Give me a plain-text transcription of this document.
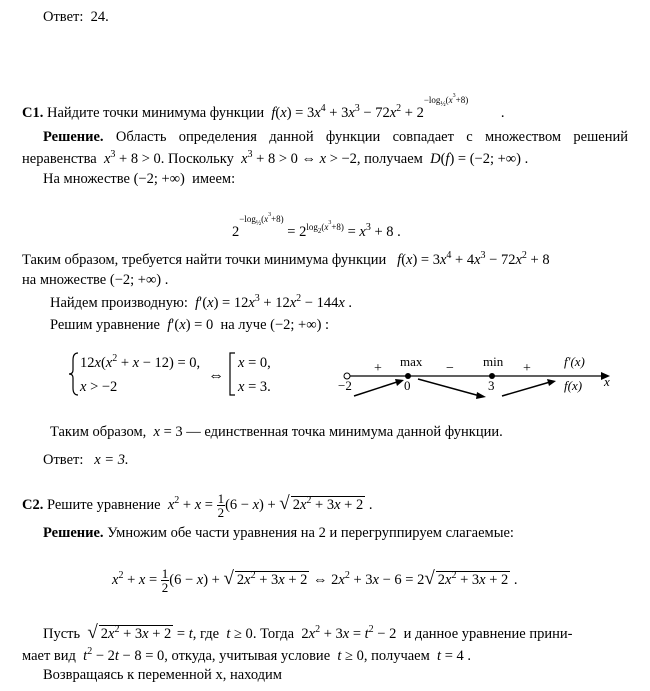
Ответ: 24.
C1. Найдите точки минимума функции $f(x) = 3x^4 + 3x^3 - 72x^2 + 2^{-log_{\frac{1}{2}}(x^3+8)}$         .
Решение. Область определения данной функции совпадает с множеством решений
неравенства $x^3 + 8 > 0$. Поскольку $x^3 + 8 > 0$ ⇔ x > −2, получаем D(f) = (−2; +∞) .
На множестве (−2; +∞)  имеем:
$2^{-log_{\frac{1}{2}}(x^3+8)} = 2^{log_2(x^3+8)} = x^3 + 8$ .
Таким образом, требуется найти точки минимума функции $f(x) = 3x^4 + 4x^3 - 72x^2 + 8$
на множестве (−2; +∞) .
Найдем производную: $f'(x) = 12x^3 + 12x^2 - 144x$ .
Решим уравнение f′(x) = 0  на луче (−2; +∞) :
$12x(x^2 + x - 12) = 0$,
x > −2
⇔
x = 0,
x = 3.
max	min
+	−	+	f′(x)
f(x) x
−2	0	3
Таким образом, x = 3 — единственная точка минимума данной функции.
Ответ: x = 3.
C2. Решите уравнение $x^2 + x = \frac{1}{2} (6 - x)$ + √ $2x^2 + 3x + 2$ .
Решение. Умножим обе части уравнения на 2 и перегруппируем слагаемые:
$x^2 + x = \frac{1}{2} (6 - x)$ + √ $2x^2 + 3x + 2$ ⇔ $2x^2 + 3x - 6 = 2√$ $2x^2 + 3x + 2$ .
Пусть √ $2x^2 + 3x + 2 = t$, где t ≥ 0. Тогда  $2x^2 + 3x = t^2 - 2$  и данное уравнение прини-
мает вид $t^2 - 2t - 8 = 0$, откуда, учитывая условие t ≥ 0, получаем t = 4 .
Возвращаясь к переменной x, находим
